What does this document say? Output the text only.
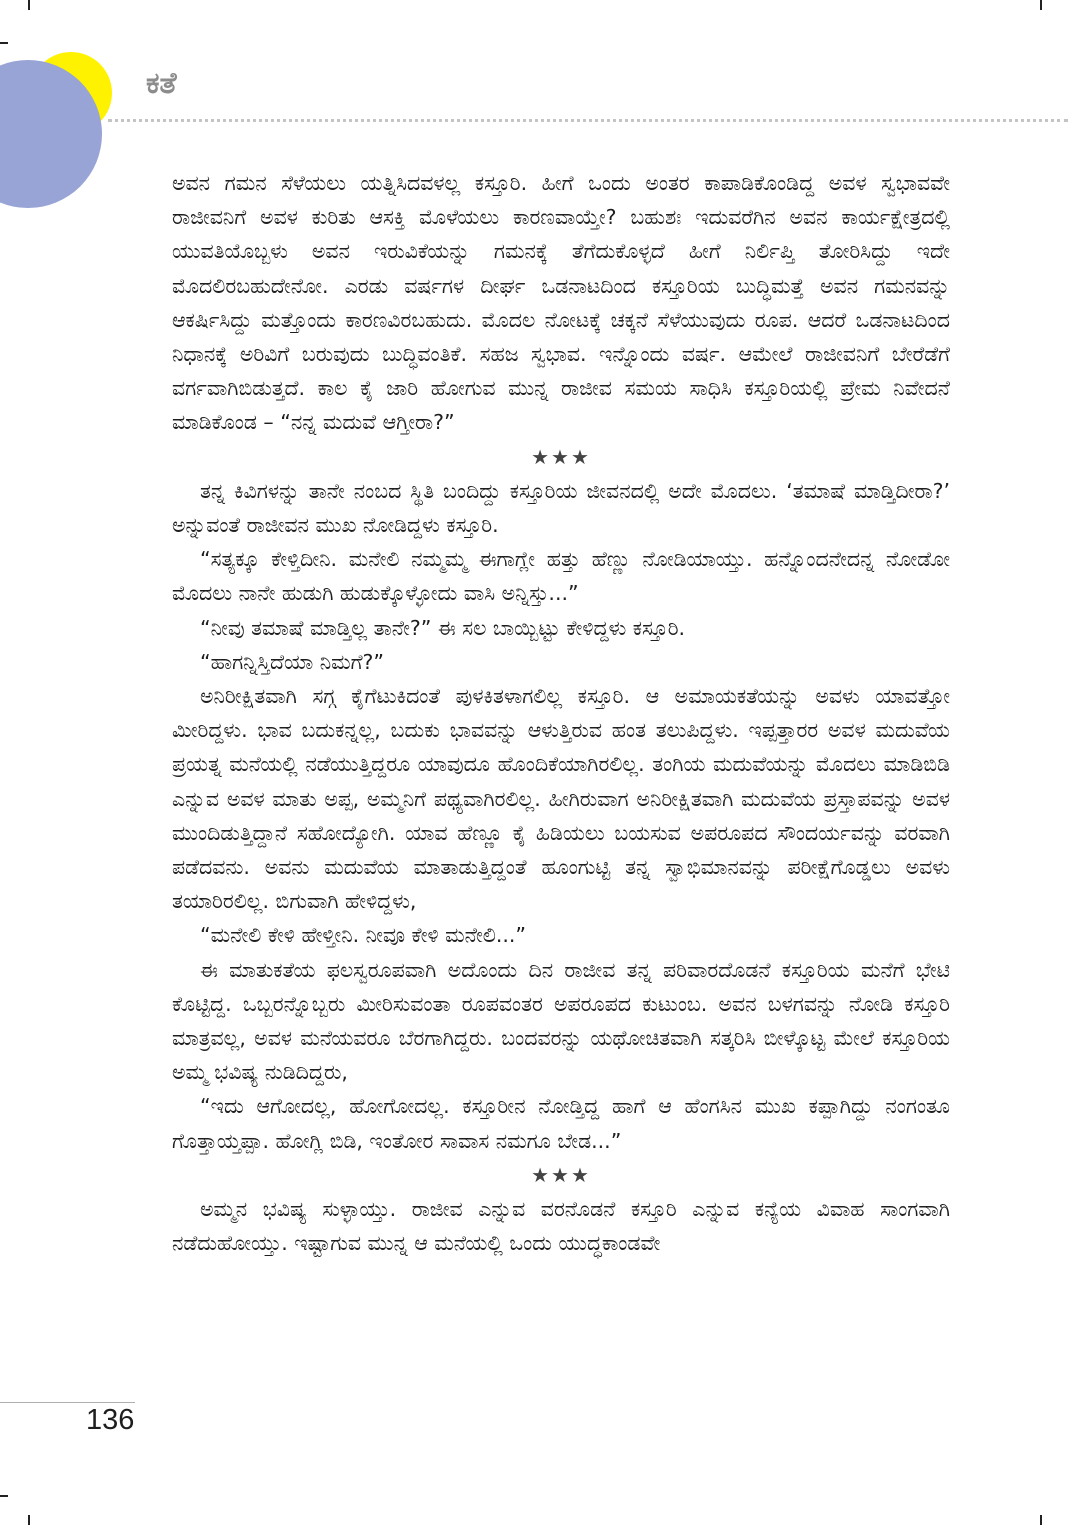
ಕತೆ

ಅವನ ಗಮನ ಸೆಳೆಯಲು ಯತ್ನಿಸಿದವಳಲ್ಲ ಕಸ್ತೂರಿ. ಹೀಗೆ ಒಂದು ಅಂತರ ಕಾಪಾಡಿಕೊಂಡಿದ್ದ ಅವಳ ಸ್ವಭಾವವೇ ರಾಜೀವನಿಗೆ ಅವಳ ಕುರಿತು ಆಸಕ್ತಿ ಮೊಳೆಯಲು ಕಾರಣವಾಯ್ತೇ? ಬಹುಶಃ ಇದುವರೆಗಿನ ಅವನ ಕಾರ್ಯಕ್ಷೇತ್ರದಲ್ಲಿ ಯುವತಿಯೊಬ್ಬಳು ಅವನ ಇರುವಿಕೆಯನ್ನು ಗಮನಕ್ಕೆ ತೆಗೆದುಕೊಳ್ಳದೆ ಹೀಗೆ ನಿರ್ಲಿಪ್ತಿ ತೋರಿಸಿದ್ದು ಇದೇ ಮೊದಲಿರಬಹುದೇನೋ. ಎರಡು ವರ್ಷಗಳ ದೀರ್ಘ ಒಡನಾಟದಿಂದ ಕಸ್ತೂರಿಯ ಬುದ್ಧಿಮತ್ತೆ ಅವನ ಗಮನವನ್ನು ಆಕರ್ಷಿಸಿದ್ದು ಮತ್ತೊಂದು ಕಾರಣವಿರಬಹುದು. ಮೊದಲ ನೋಟಕ್ಕೆ ಚಕ್ಕನೆ ಸೆಳೆಯುವುದು ರೂಪ. ಆದರೆ ಒಡನಾಟದಿಂದ ನಿಧಾನಕ್ಕೆ ಅರಿವಿಗೆ ಬರುವುದು ಬುದ್ಧಿವಂತಿಕೆ. ಸಹಜ ಸ್ವಭಾವ. ಇನ್ನೊಂದು ವರ್ಷ. ಆಮೇಲೆ ರಾಜೀವನಿಗೆ ಬೇರೆಡೆಗೆ ವರ್ಗವಾಗಿಬಿಡುತ್ತದೆ. ಕಾಲ ಕೈ ಜಾರಿ ಹೋಗುವ ಮುನ್ನ ರಾಜೀವ ಸಮಯ ಸಾಧಿಸಿ ಕಸ್ತೂರಿಯಲ್ಲಿ ಪ್ರೇಮ ನಿವೇದನೆ ಮಾಡಿಕೊಂಡ – “ನನ್ನ ಮದುವೆ ಆಗ್ತೀರಾ?”

★★★

ತನ್ನ ಕಿವಿಗಳನ್ನು ತಾನೇ ನಂಬದ ಸ್ಥಿತಿ ಬಂದಿದ್ದು ಕಸ್ತೂರಿಯ ಜೀವನದಲ್ಲಿ ಅದೇ ಮೊದಲು. ‘ತಮಾಷೆ ಮಾಡ್ತಿದೀರಾ?’ ಅನ್ನುವಂತೆ ರಾಜೀವನ ಮುಖ ನೋಡಿದ್ದಳು ಕಸ್ತೂರಿ.

“ಸತ್ಯಕ್ಕೂ ಕೇಳ್ತಿದೀನಿ. ಮನೇಲಿ ನಮ್ಮಮ್ಮ ಈಗಾಗ್ಲೇ ಹತ್ತು ಹೆಣ್ಣು ನೋಡಿಯಾಯ್ತು. ಹನ್ನೊಂದನೇದನ್ನ ನೋಡೋ ಮೊದಲು ನಾನೇ ಹುಡುಗಿ ಹುಡುಕ್ಕೊಳ್ಳೋದು ವಾಸಿ ಅನ್ನಿಸ್ತು...”

“ನೀವು ತಮಾಷೆ ಮಾಡ್ತಿಲ್ಲ ತಾನೇ?” ಈ ಸಲ ಬಾಯ್ಬಿಟ್ಟು ಕೇಳಿದ್ದಳು ಕಸ್ತೂರಿ.

“ಹಾಗನ್ನಿಸ್ತಿದೆಯಾ ನಿಮಗೆ?”

ಅನಿರೀಕ್ಷಿತವಾಗಿ ಸಗ್ಗ ಕೈಗೆಟುಕಿದಂತೆ ಪುಳಕಿತಳಾಗಲಿಲ್ಲ ಕಸ್ತೂರಿ. ಆ ಅಮಾಯಕತೆಯನ್ನು ಅವಳು ಯಾವತ್ತೋ ಮೀರಿದ್ದಳು. ಭಾವ ಬದುಕನ್ನಲ್ಲ, ಬದುಕು ಭಾವವನ್ನು ಆಳುತ್ತಿರುವ ಹಂತ ತಲುಪಿದ್ದಳು. ಇಪ್ಪತ್ತಾರರ ಅವಳ ಮದುವೆಯ ಪ್ರಯತ್ನ ಮನೆಯಲ್ಲಿ ನಡೆಯುತ್ತಿದ್ದರೂ ಯಾವುದೂ ಹೊಂದಿಕೆಯಾಗಿರಲಿಲ್ಲ. ತಂಗಿಯ ಮದುವೆಯನ್ನು ಮೊದಲು ಮಾಡಿಬಿಡಿ ಎನ್ನುವ ಅವಳ ಮಾತು ಅಪ್ಪ, ಅಮ್ಮನಿಗೆ ಪಥ್ಯವಾಗಿರಲಿಲ್ಲ. ಹೀಗಿರುವಾಗ ಅನಿರೀಕ್ಷಿತವಾಗಿ ಮದುವೆಯ ಪ್ರಸ್ತಾಪವನ್ನು ಅವಳ ಮುಂದಿಡುತ್ತಿದ್ದಾನೆ ಸಹೋದ್ಯೋಗಿ. ಯಾವ ಹೆಣ್ಣೂ ಕೈ ಹಿಡಿಯಲು ಬಯಸುವ ಅಪರೂಪದ ಸೌಂದರ್ಯವನ್ನು ವರವಾಗಿ ಪಡೆದವನು. ಅವನು ಮದುವೆಯ ಮಾತಾಡುತ್ತಿದ್ದಂತೆ ಹೂಂಗುಟ್ಟಿ ತನ್ನ ಸ್ವಾಭಿಮಾನವನ್ನು ಪರೀಕ್ಷೆಗೊಡ್ಡಲು ಅವಳು ತಯಾರಿರಲಿಲ್ಲ. ಬಿಗುವಾಗಿ ಹೇಳಿದ್ದಳು,

“ಮನೇಲಿ ಕೇಳಿ ಹೇಳ್ತೀನಿ. ನೀವೂ ಕೇಳಿ ಮನೇಲಿ...”

ಈ ಮಾತುಕತೆಯ ಫಲಸ್ವರೂಪವಾಗಿ ಅದೊಂದು ದಿನ ರಾಜೀವ ತನ್ನ ಪರಿವಾರದೊಡನೆ ಕಸ್ತೂರಿಯ ಮನೆಗೆ ಭೇಟಿ ಕೊಟ್ಟಿದ್ದ. ಒಬ್ಬರನ್ನೊಬ್ಬರು ಮೀರಿಸುವಂತಾ ರೂಪವಂತರ ಅಪರೂಪದ ಕುಟುಂಬ. ಅವನ ಬಳಗವನ್ನು ನೋಡಿ ಕಸ್ತೂರಿ ಮಾತ್ರವಲ್ಲ, ಅವಳ ಮನೆಯವರೂ ಬೆರಗಾಗಿದ್ದರು. ಬಂದವರನ್ನು ಯಥೋಚಿತವಾಗಿ ಸತ್ಕರಿಸಿ ಬೀಳ್ಕೊಟ್ಟ ಮೇಲೆ ಕಸ್ತೂರಿಯ ಅಮ್ಮ ಭವಿಷ್ಯ ನುಡಿದಿದ್ದರು,

“ಇದು ಆಗೋದಲ್ಲ, ಹೋಗೋದಲ್ಲ. ಕಸ್ತೂರೀನ ನೋಡ್ತಿದ್ದ ಹಾಗೆ ಆ ಹೆಂಗಸಿನ ಮುಖ ಕಪ್ಪಾಗಿದ್ದು ನಂಗಂತೂ ಗೊತ್ತಾಯ್ತಪ್ಪಾ. ಹೋಗ್ಲಿ ಬಿಡಿ, ಇಂತೋರ ಸಾವಾಸ ನಮಗೂ ಬೇಡ...”

★★★

ಅಮ್ಮನ ಭವಿಷ್ಯ ಸುಳ್ಳಾಯ್ತು. ರಾಜೀವ ಎನ್ನುವ ವರನೊಡನೆ ಕಸ್ತೂರಿ ಎನ್ನುವ ಕನ್ಯೆಯ ವಿವಾಹ ಸಾಂಗವಾಗಿ ನಡೆದುಹೋಯ್ತು. ಇಷ್ಟಾಗುವ ಮುನ್ನ ಆ ಮನೆಯಲ್ಲಿ ಒಂದು ಯುದ್ಧಕಾಂಡವೇ

136
